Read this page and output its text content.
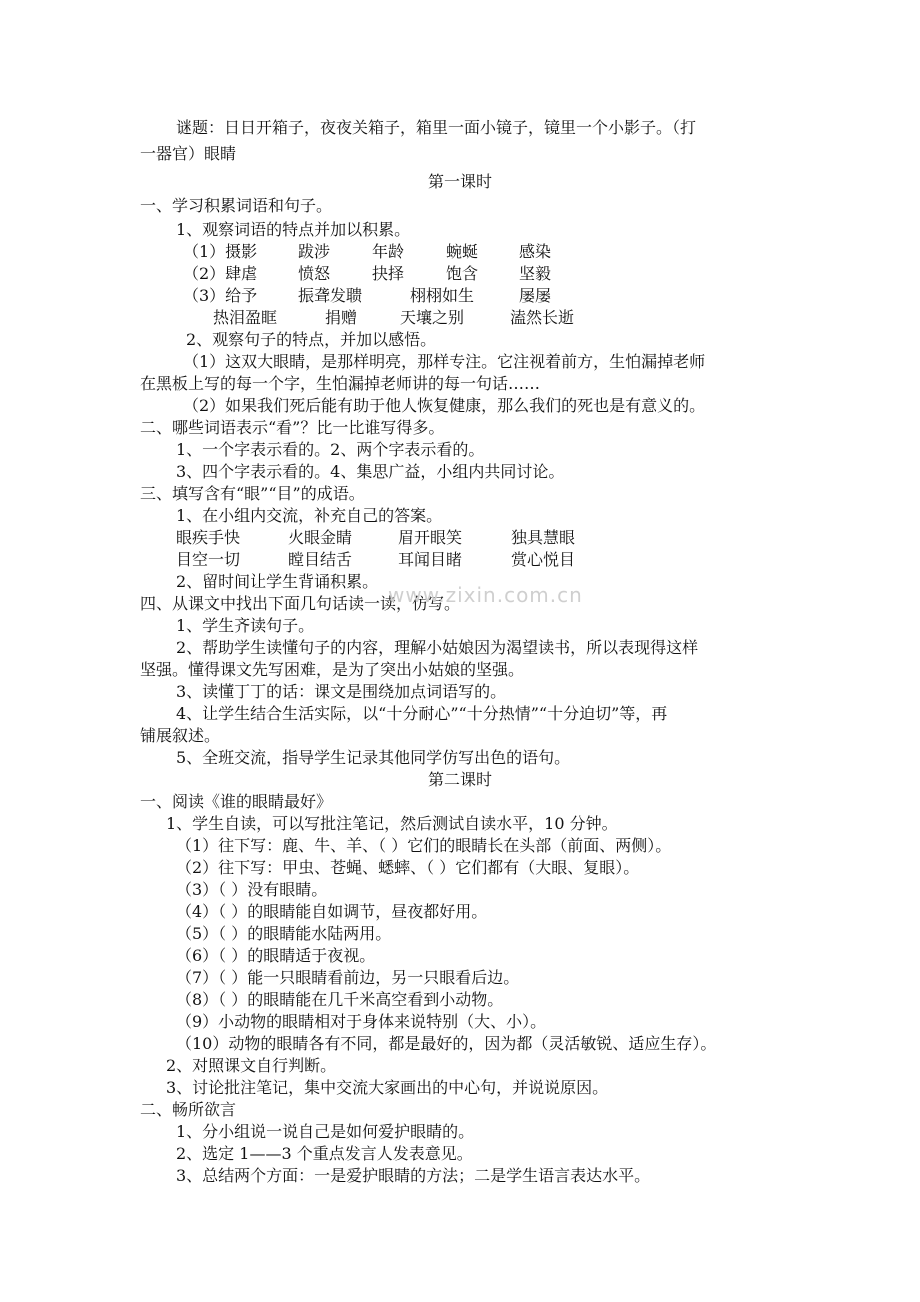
谜题：日日开箱子，夜夜关箱子，箱里一面小镜子，镜里一个小影子。（打
一器官）眼睛
第一课时
一、学习积累词语和句子。
1、观察词语的特点并加以积累。
（1）摄影	跋涉	年龄	蜿蜒	感染
（2）肆虐	愤怒	抉择	饱含	坚毅
（3）给予	振聋发聩	栩栩如生	屡屡
热泪盈眶	捐赠	天壤之别	溘然长逝
2、观察句子的特点，并加以感悟。
（1）这双大眼睛，是那样明亮，那样专注。它注视着前方，生怕漏掉老师
在黑板上写的每一个字，生怕漏掉老师讲的每一句话……
（2）如果我们死后能有助于他人恢复健康，那么我们的死也是有意义的。
二、哪些词语表示“看”？比一比谁写得多。
1、一个字表示看的。2、两个字表示看的。
3、四个字表示看的。4、集思广益，小组内共同讨论。
三、填写含有“眼”“目”的成语。
1、在小组内交流，补充自己的答案。
眼疾手快	火眼金睛	眉开眼笑	独具慧眼
目空一切	瞠目结舌	耳闻目睹	赏心悦目
2、留时间让学生背诵积累。
四、从课文中找出下面几句话读一读，仿写。
1、学生齐读句子。
2、帮助学生读懂句子的内容，理解小姑娘因为渴望读书，所以表现得这样
坚强。懂得课文先写困难，是为了突出小姑娘的坚强。
3、读懂丁丁的话：课文是围绕加点词语写的。
4、让学生结合生活实际，以“十分耐心”“十分热情”“十分迫切”等，再
铺展叙述。
5、全班交流，指导学生记录其他同学仿写出色的语句。
第二课时
一、阅读《谁的眼睛最好》
1、学生自读，可以写批注笔记，然后测试自读水平，10 分钟。
（1）往下写：鹿、牛、羊、（ ）它们的眼睛长在头部（前面、两侧）。
（2）往下写：甲虫、苍蝇、蟋蟀、（ ）它们都有（大眼、复眼）。
（3）（ ）没有眼睛。
（4）（ ）的眼睛能自如调节，昼夜都好用。
（5）（ ）的眼睛能水陆两用。
（6）（ ）的眼睛适于夜视。
（7）（ ）能一只眼睛看前边，另一只眼看后边。
（8）（ ）的眼睛能在几千米高空看到小动物。
（9）小动物的眼睛相对于身体来说特别（大、小）。
（10）动物的眼睛各有不同，都是最好的，因为都（灵活敏锐、适应生存）。
2、对照课文自行判断。
3、讨论批注笔记，集中交流大家画出的中心句，并说说原因。
二、畅所欲言
1、分小组说一说自己是如何爱护眼睛的。
2、选定 1——3 个重点发言人发表意见。
3、总结两个方面：一是爱护眼睛的方法；二是学生语言表达水平。
www.zixin.com.cn
